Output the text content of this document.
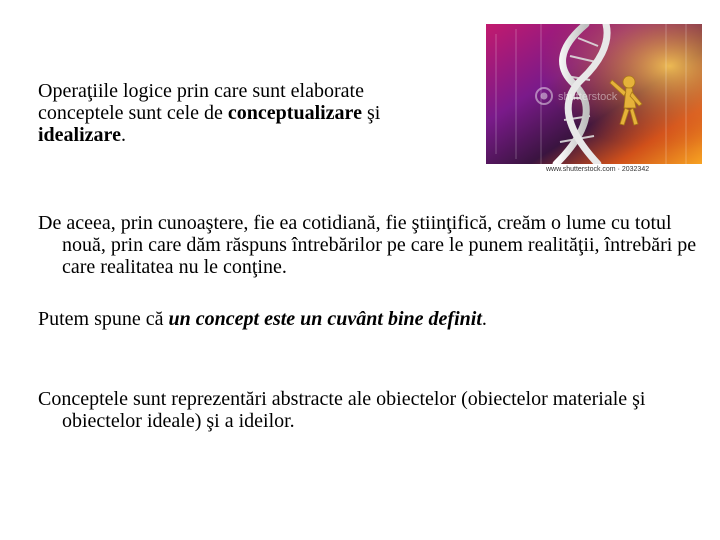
Operaţiile logice prin care sunt elaborate conceptele sunt cele de conceptualizare şi idealizare.
shutterstock
www.shutterstock.com · 2032342
De aceea, prin cunoaştere, fie ea cotidiană, fie ştiinţifică, creăm o lume cu totul nouă, prin care dăm răspuns întrebărilor pe care le punem realităţii, întrebări pe care realitatea nu le conţine.
Putem spune că un concept este un cuvânt bine definit.
Conceptele sunt reprezentări abstracte ale obiectelor (obiectelor materiale şi obiectelor ideale) şi a ideilor.
